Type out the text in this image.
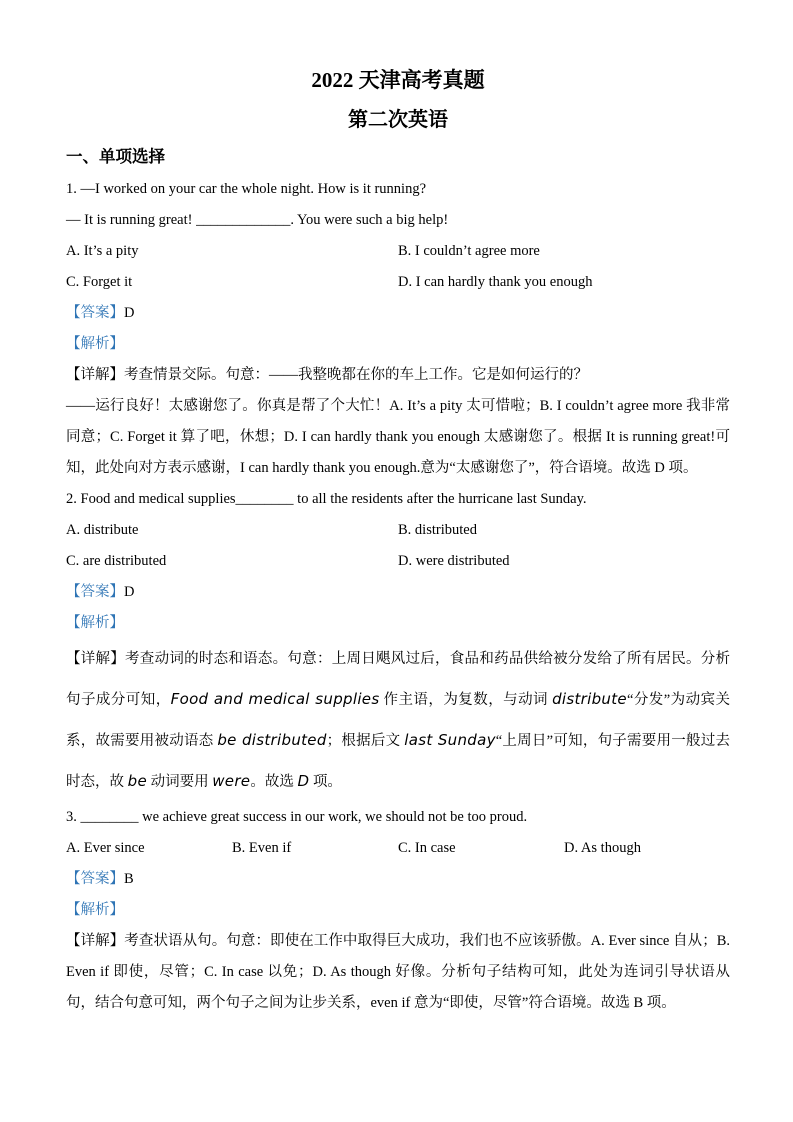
2022 天津高考真题
第二次英语
一、单项选择

1. —I worked on your car the whole night. How is it running?

— It is running great! _____________. You were such a big help!

A. It’s a pity	B. I couldn’t agree more
C. Forget it	D. I can hardly thank you enough

【答案】D

【解析】

【详解】考查情景交际。句意：——我整晚都在你的车上工作。它是如何运行的？
——运行良好！太感谢您了。你真是帮了个大忙！A. It’s a pity 太可惜啦；B. I couldn’t agree more 我非常同意；C. Forget it 算了吧，休想；D. I can hardly thank you enough 太感谢您了。根据 It is running great!可知，此处向对方表示感谢，I can hardly thank you enough.意为“太感谢您了”，符合语境。故选 D 项。

2. Food and medical supplies________ to all the residents after the hurricane last Sunday.

A. distribute	B. distributed
C. are distributed	D. were distributed

【答案】D

【解析】

【详解】考查动词的时态和语态。句意：上周日飓风过后，食品和药品供给被分发给了所有居民。分析句子成分可知，Food and medical supplies 作主语，为复数，与动词 distribute“分发”为动宾关系，故需要用被动语态 be distributed；根据后文 last Sunday“上周日”可知，句子需要用一般过去时态，故 be 动词要用 were。故选 D 项。

3. ________ we achieve great success in our work, we should not be too proud.

A. Ever since	B. Even if	C. In case	D. As though

【答案】B

【解析】

【详解】考查状语从句。句意：即使在工作中取得巨大成功，我们也不应该骄傲。A. Ever since 自从；B. Even if 即使，尽管；C. In case 以免；D. As though 好像。分析句子结构可知，此处为连词引导状语从句，结合句意可知，两个句子之间为让步关系，even if 意为“即使，尽管”符合语境。故选 B 项。
